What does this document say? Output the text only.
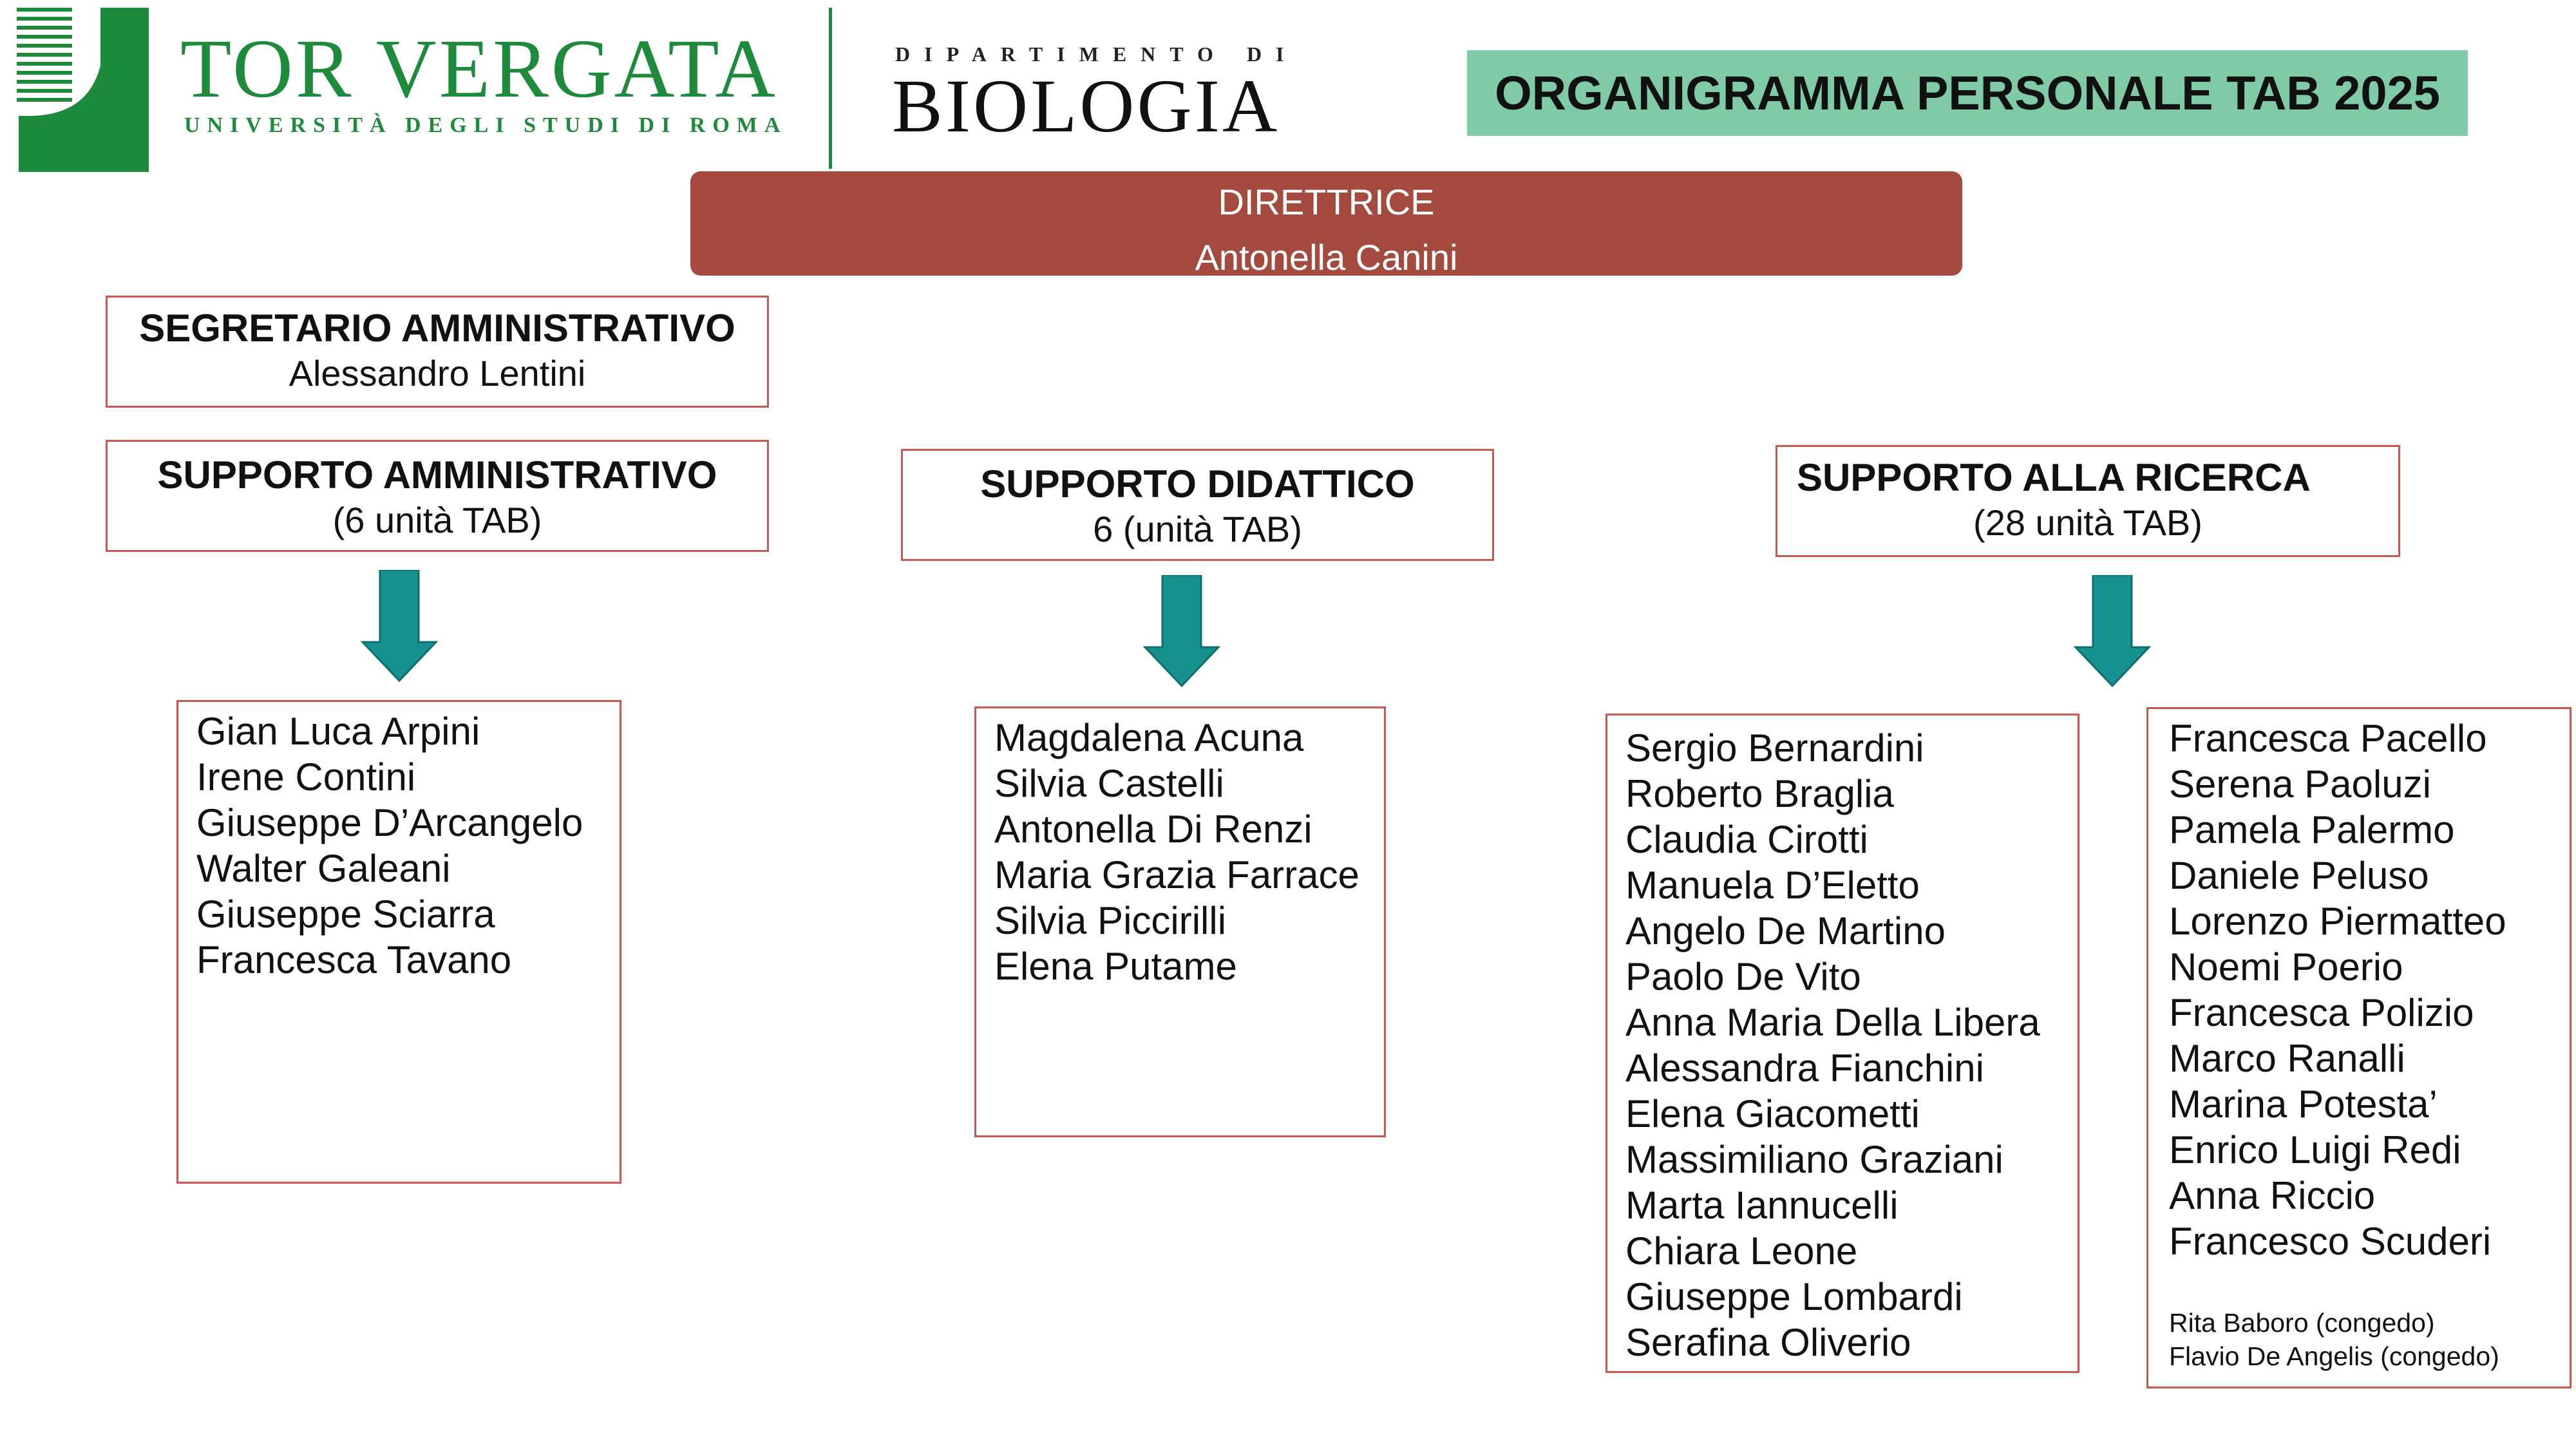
TOR VERGATA
UNIVERSITÀ DEGLI STUDI DI ROMA
DIPARTIMENTO DI
BIOLOGIA	ORGANIGRAMMA PERSONALE TAB 2025
DIRETTRICE
Antonella Canini
SEGRETARIO AMMINISTRATIVO
Alessandro Lentini
SUPPORTO AMMINISTRATIVO
(6 unità TAB)
SUPPORTO DIDATTICO
6 (unità TAB)
SUPPORTO ALLA RICERCA
(28 unità TAB)
Gian Luca Arpini
Irene Contini
Giuseppe D’Arcangelo
Walter Galeani
Giuseppe Sciarra
Francesca Tavano
Magdalena Acuna
Silvia Castelli
Antonella Di Renzi
Maria Grazia Farrace
Silvia Piccirilli
Elena Putame
Sergio Bernardini
Roberto Braglia
Claudia Cirotti
Manuela D’Eletto
Angelo De Martino
Paolo De Vito
Anna Maria Della Libera
Alessandra Fianchini
Elena Giacometti
Massimiliano Graziani
Marta Iannucelli
Chiara Leone
Giuseppe Lombardi
Serafina Oliverio
Francesca Pacello
Serena Paoluzi
Pamela Palermo
Daniele Peluso
Lorenzo Piermatteo
Noemi Poerio
Francesca Polizio
Marco Ranalli
Marina Potesta’
Enrico Luigi Redi
Anna Riccio
Francesco Scuderi
Rita Baboro (congedo)
Flavio De Angelis (congedo)
